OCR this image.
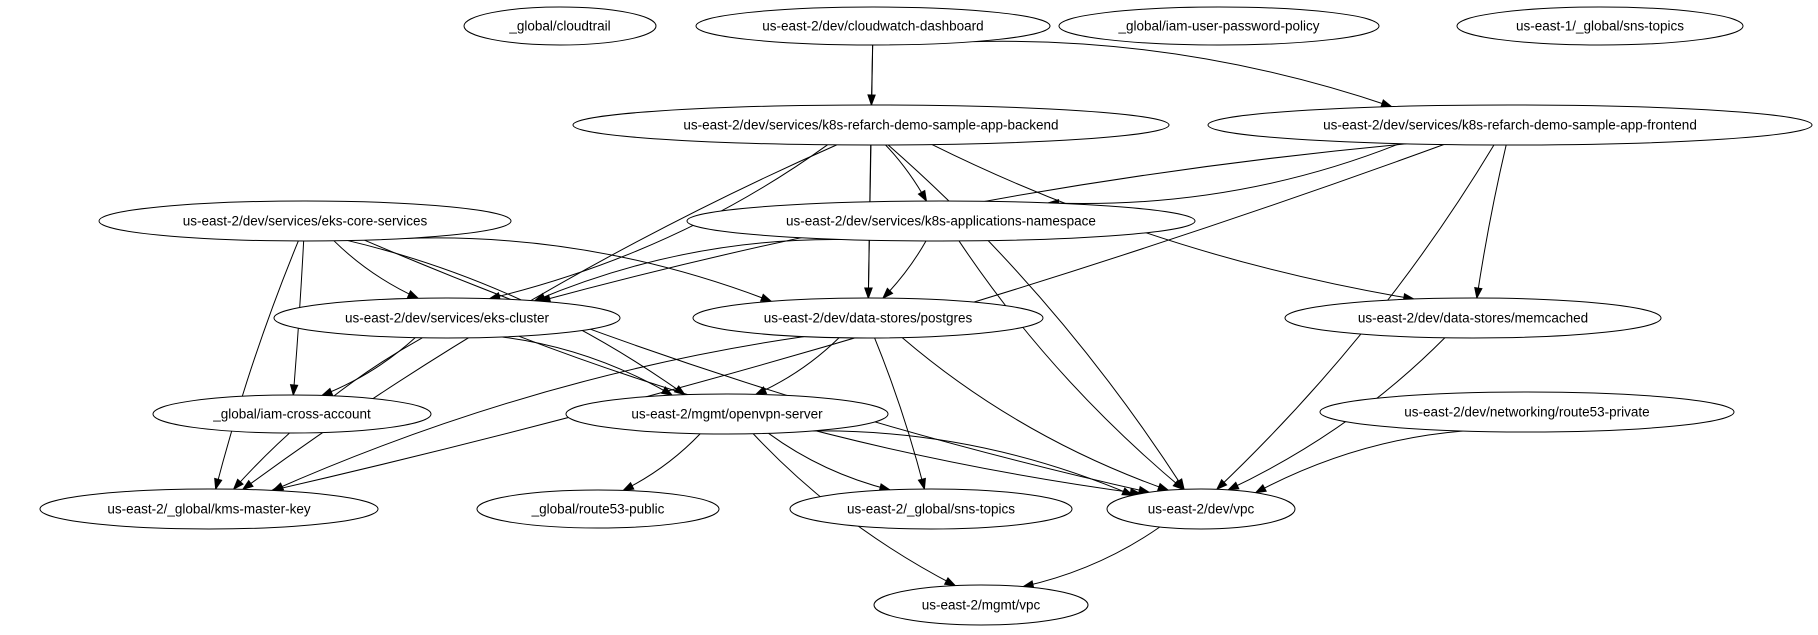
_global/cloudtrail	us-east-2/dev/cloudwatch-dashboard	_global/iam-user-password-policy	us-east-1/_global/sns-topics
us-east-2/dev/services/k8s-refarch-demo-sample-app-backend	us-east-2/dev/services/k8s-refarch-demo-sample-app-frontend
us-east-2/dev/services/eks-core-services	us-east-2/dev/services/k8s-applications-namespace
us-east-2/dev/services/eks-cluster	us-east-2/dev/data-stores/postgres	us-east-2/dev/data-stores/memcached
_global/iam-cross-account	us-east-2/mgmt/openvpn-server	us-east-2/dev/networking/route53-private
us-east-2/_global/kms-master-key	_global/route53-public	us-east-2/_global/sns-topics	us-east-2/dev/vpc
us-east-2/mgmt/vpc
